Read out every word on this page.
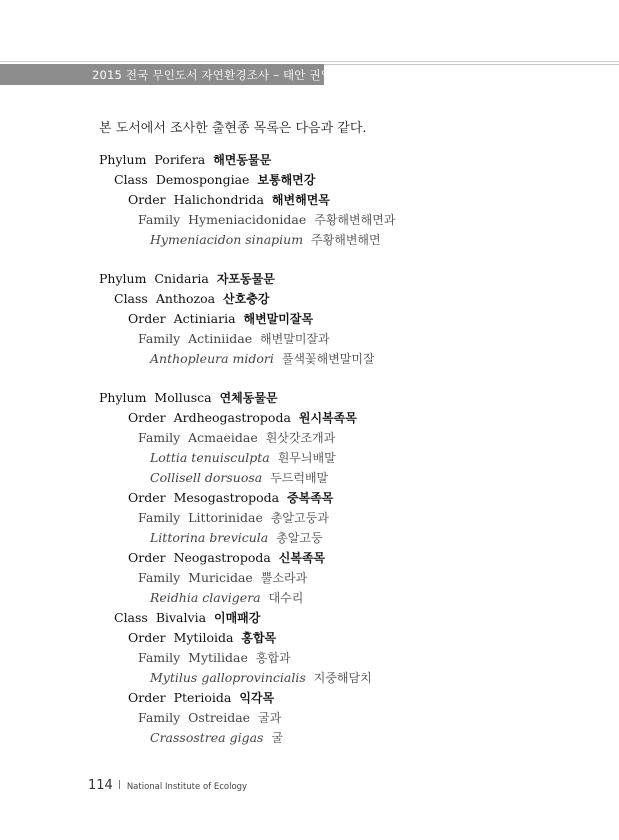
2015 전국 무인도서 자연환경조사 – 태안 권역
본 도서에서 조사한 출현종 목록은 다음과 같다.
Phylum Porifera 해면동물문
Class Demospongiae 보통해면강
Order Halichondrida 해변해면목
Family Hymeniacidonidae 주황해변해면과
Hymeniacidon sinapium 주황해변해면
Phylum Cnidaria 자포동물문
Class Anthozoa 산호충강
Order Actiniaria 해변말미잘목
Family Actiniidae 해변말미잘과
Anthopleura midori 풀색꽃해변말미잘
Phylum Mollusca 연체동물문
Order Ardheogastropoda 원시복족목
Family Acmaeidae 흰삿갓조개과
Lottia tenuisculpta 흰무늬배말
Collisell dorsuosa 두드럭배말
Order Mesogastropoda 중복족목
Family Littorinidae 총알고둥과
Littorina brevicula 총알고둥
Order Neogastropoda 신복족목
Family Muricidae 뿔소라과
Reidhia clavigera 대수리
Class Bivalvia 이매패강
Order Mytiloida 홍합목
Family Mytilidae 홍합과
Mytilus galloprovincialis 지중해담치
Order Pterioida 익각목
Family Ostreidae 굴과
Crassostrea gigas 굴
114 National Institute of Ecology
